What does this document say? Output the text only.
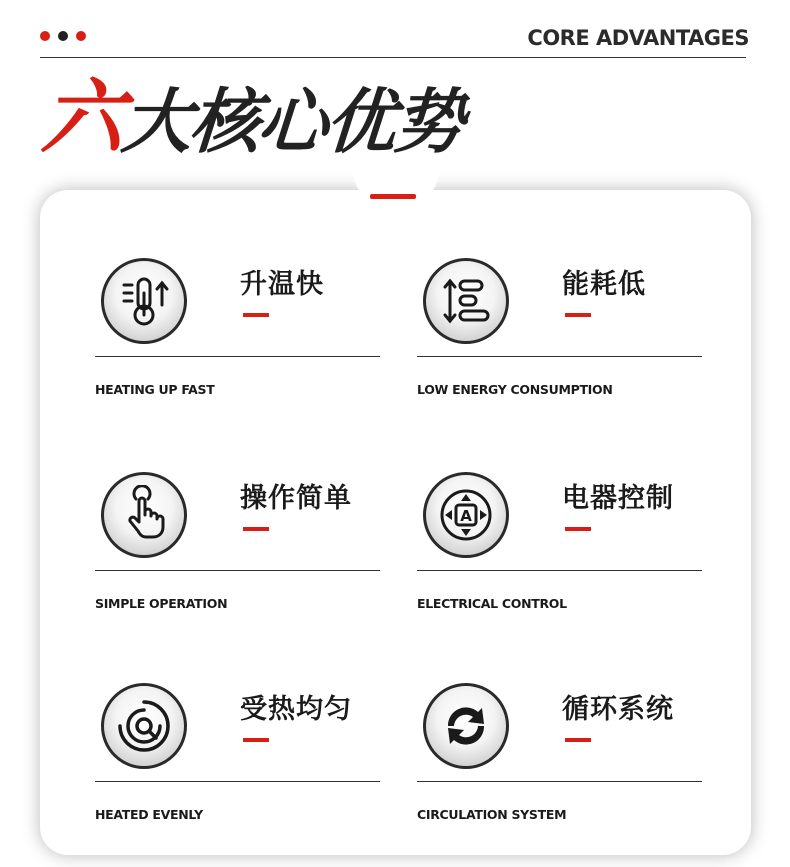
CORE ADVANTAGES
六大核心优势
升温快
HEATING UP FAST
能耗低
LOW ENERGY CONSUMPTION
操作简单
SIMPLE OPERATION
A
电器控制
ELECTRICAL CONTROL
受热均匀
HEATED EVENLY
循环系统
CIRCULATION SYSTEM
